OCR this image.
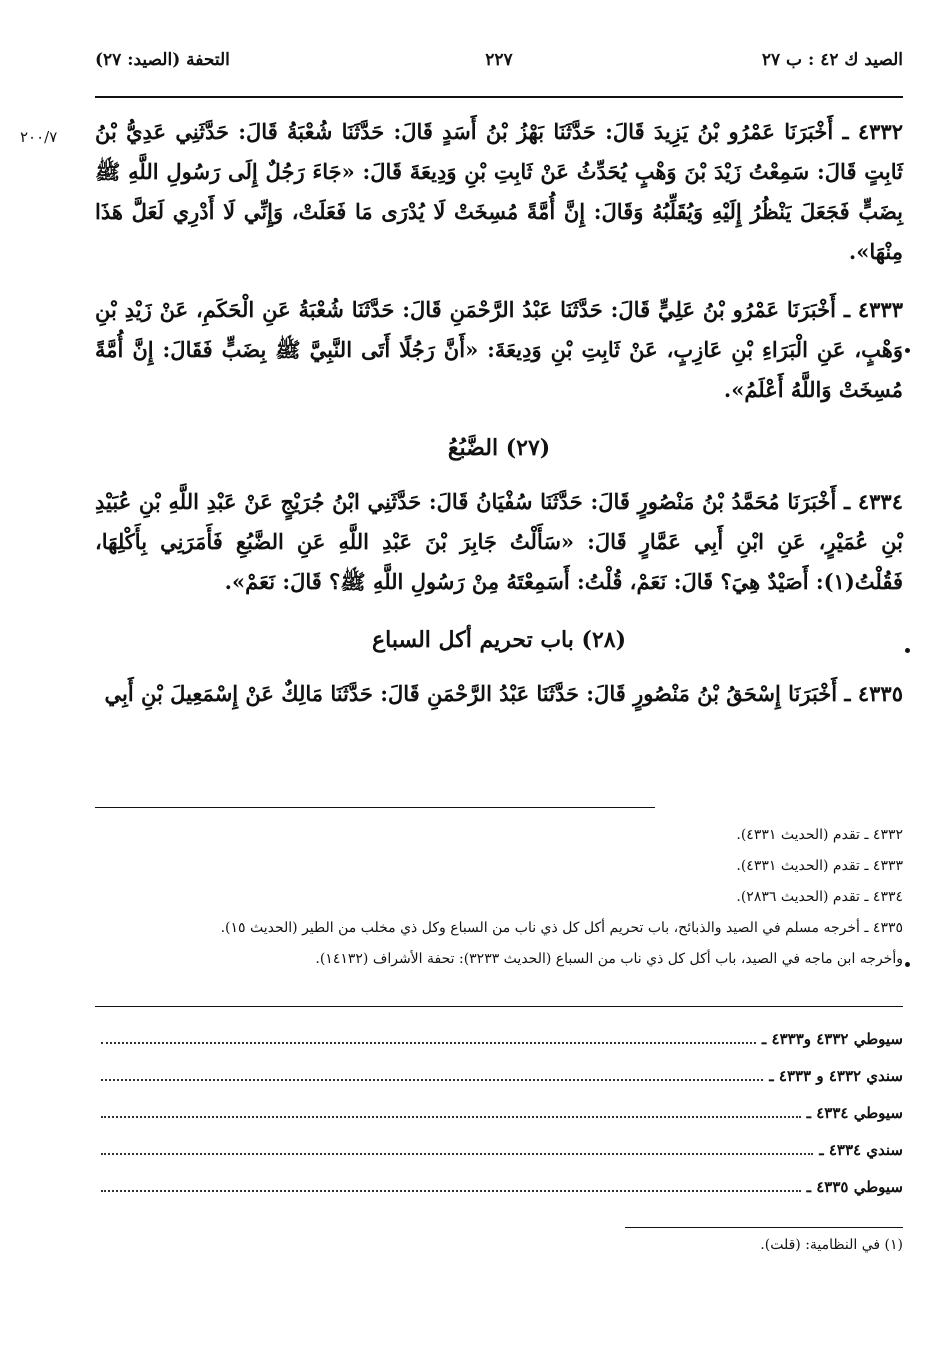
الصيد ك ٤٢ : ب ٢٧
٢٢٧
التحفة (الصيد: ٢٧)
٢٠٠/٧ ٤٣٣٢ ـ أَخْبَرَنَا عَمْرُو بْنُ يَزِيدَ قَالَ: حَدَّثَنَا بَهْزُ بْنُ أَسَدٍ قَالَ: حَدَّثَنَا شُعْبَةُ قَالَ: حَدَّثَنِي عَدِيُّ بْنُ ثَابِتٍ قَالَ: سَمِعْتُ زَيْدَ بْنَ وَهْبٍ يُحَدِّثُ عَنْ ثَابِتِ بْنِ وَدِيعَةَ قَالَ: «جَاءَ رَجُلٌ إِلَى رَسُولِ اللَّهِ ﷺ بِضَبٍّ فَجَعَلَ يَنْظُرُ إِلَيْهِ وَيُقَلِّبُهُ وَقَالَ: إِنَّ أُمَّةً مُسِخَتْ لَا يُدْرَى مَا فَعَلَتْ، وَإِنِّي لَا أَدْرِي لَعَلَّ هَذَا مِنْهَا».

٤٣٣٣ ـ أَخْبَرَنَا عَمْرُو بْنُ عَلِيٍّ قَالَ: حَدَّثَنَا عَبْدُ الرَّحْمَنِ قَالَ: حَدَّثَنَا شُعْبَةُ عَنِ الْحَكَمِ، عَنْ زَيْدِ بْنِ وَهْبٍ، عَنِ الْبَرَاءِ بْنِ عَازِبٍ، عَنْ ثَابِتِ بْنِ وَدِيعَةَ: «أَنَّ رَجُلًا أَتَى النَّبِيَّ ﷺ بِضَبٍّ فَقَالَ: إِنَّ أُمَّةً مُسِخَتْ وَاللَّهُ أَعْلَمُ».

(٢٧) الضَّبُعُ

٤٣٣٤ ـ أَخْبَرَنَا مُحَمَّدُ بْنُ مَنْصُورٍ قَالَ: حَدَّثَنَا سُفْيَانُ قَالَ: حَدَّثَنِي ابْنُ جُرَيْجٍ عَنْ عَبْدِ اللَّهِ بْنِ عُبَيْدِ بْنِ عُمَيْرٍ، عَنِ ابْنِ أَبِي عَمَّارٍ قَالَ: «سَأَلْتُ جَابِرَ بْنَ عَبْدِ اللَّهِ عَنِ الضَّبُعِ فَأَمَرَنِي بِأَكْلِهَا، فَقُلْتُ(١): أَصَيْدٌ هِيَ؟ قَالَ: نَعَمْ، قُلْتُ: أَسَمِعْتَهُ مِنْ رَسُولِ اللَّهِ ﷺ؟ قَالَ: نَعَمْ».

(٢٨) باب تحريم أكل السباع

٤٣٣٥ ـ أَخْبَرَنَا إِسْحَقُ بْنُ مَنْصُورٍ قَالَ: حَدَّثَنَا عَبْدُ الرَّحْمَنِ قَالَ: حَدَّثَنَا مَالِكٌ عَنْ إِسْمَعِيلَ بْنِ أَبِي

٤٣٣٢ ـ تقدم (الحديث ٤٣٣١).

٤٣٣٣ ـ تقدم (الحديث ٤٣٣١).

٤٣٣٤ ـ تقدم (الحديث ٢٨٣٦).

٤٣٣٥ ـ أخرجه مسلم في الصيد والذبائح، باب تحريم أكل كل ذي ناب من السباع وكل ذي مخلب من الطير (الحديث ١٥).

وأخرجه ابن ماجه في الصيد، باب أكل كل ذي ناب من السباع (الحديث ٣٢٣٣): تحفة الأشراف (١٤١٣٢).

سيوطي ٤٣٣٢ و٤٣٣٣ ـ
سندي ٤٣٣٢ و ٤٣٣٣ ـ
سيوطي ٤٣٣٤ ـ
سندي ٤٣٣٤ ـ
سيوطي ٤٣٣٥ ـ
(١) في النظامية: (قلت).
